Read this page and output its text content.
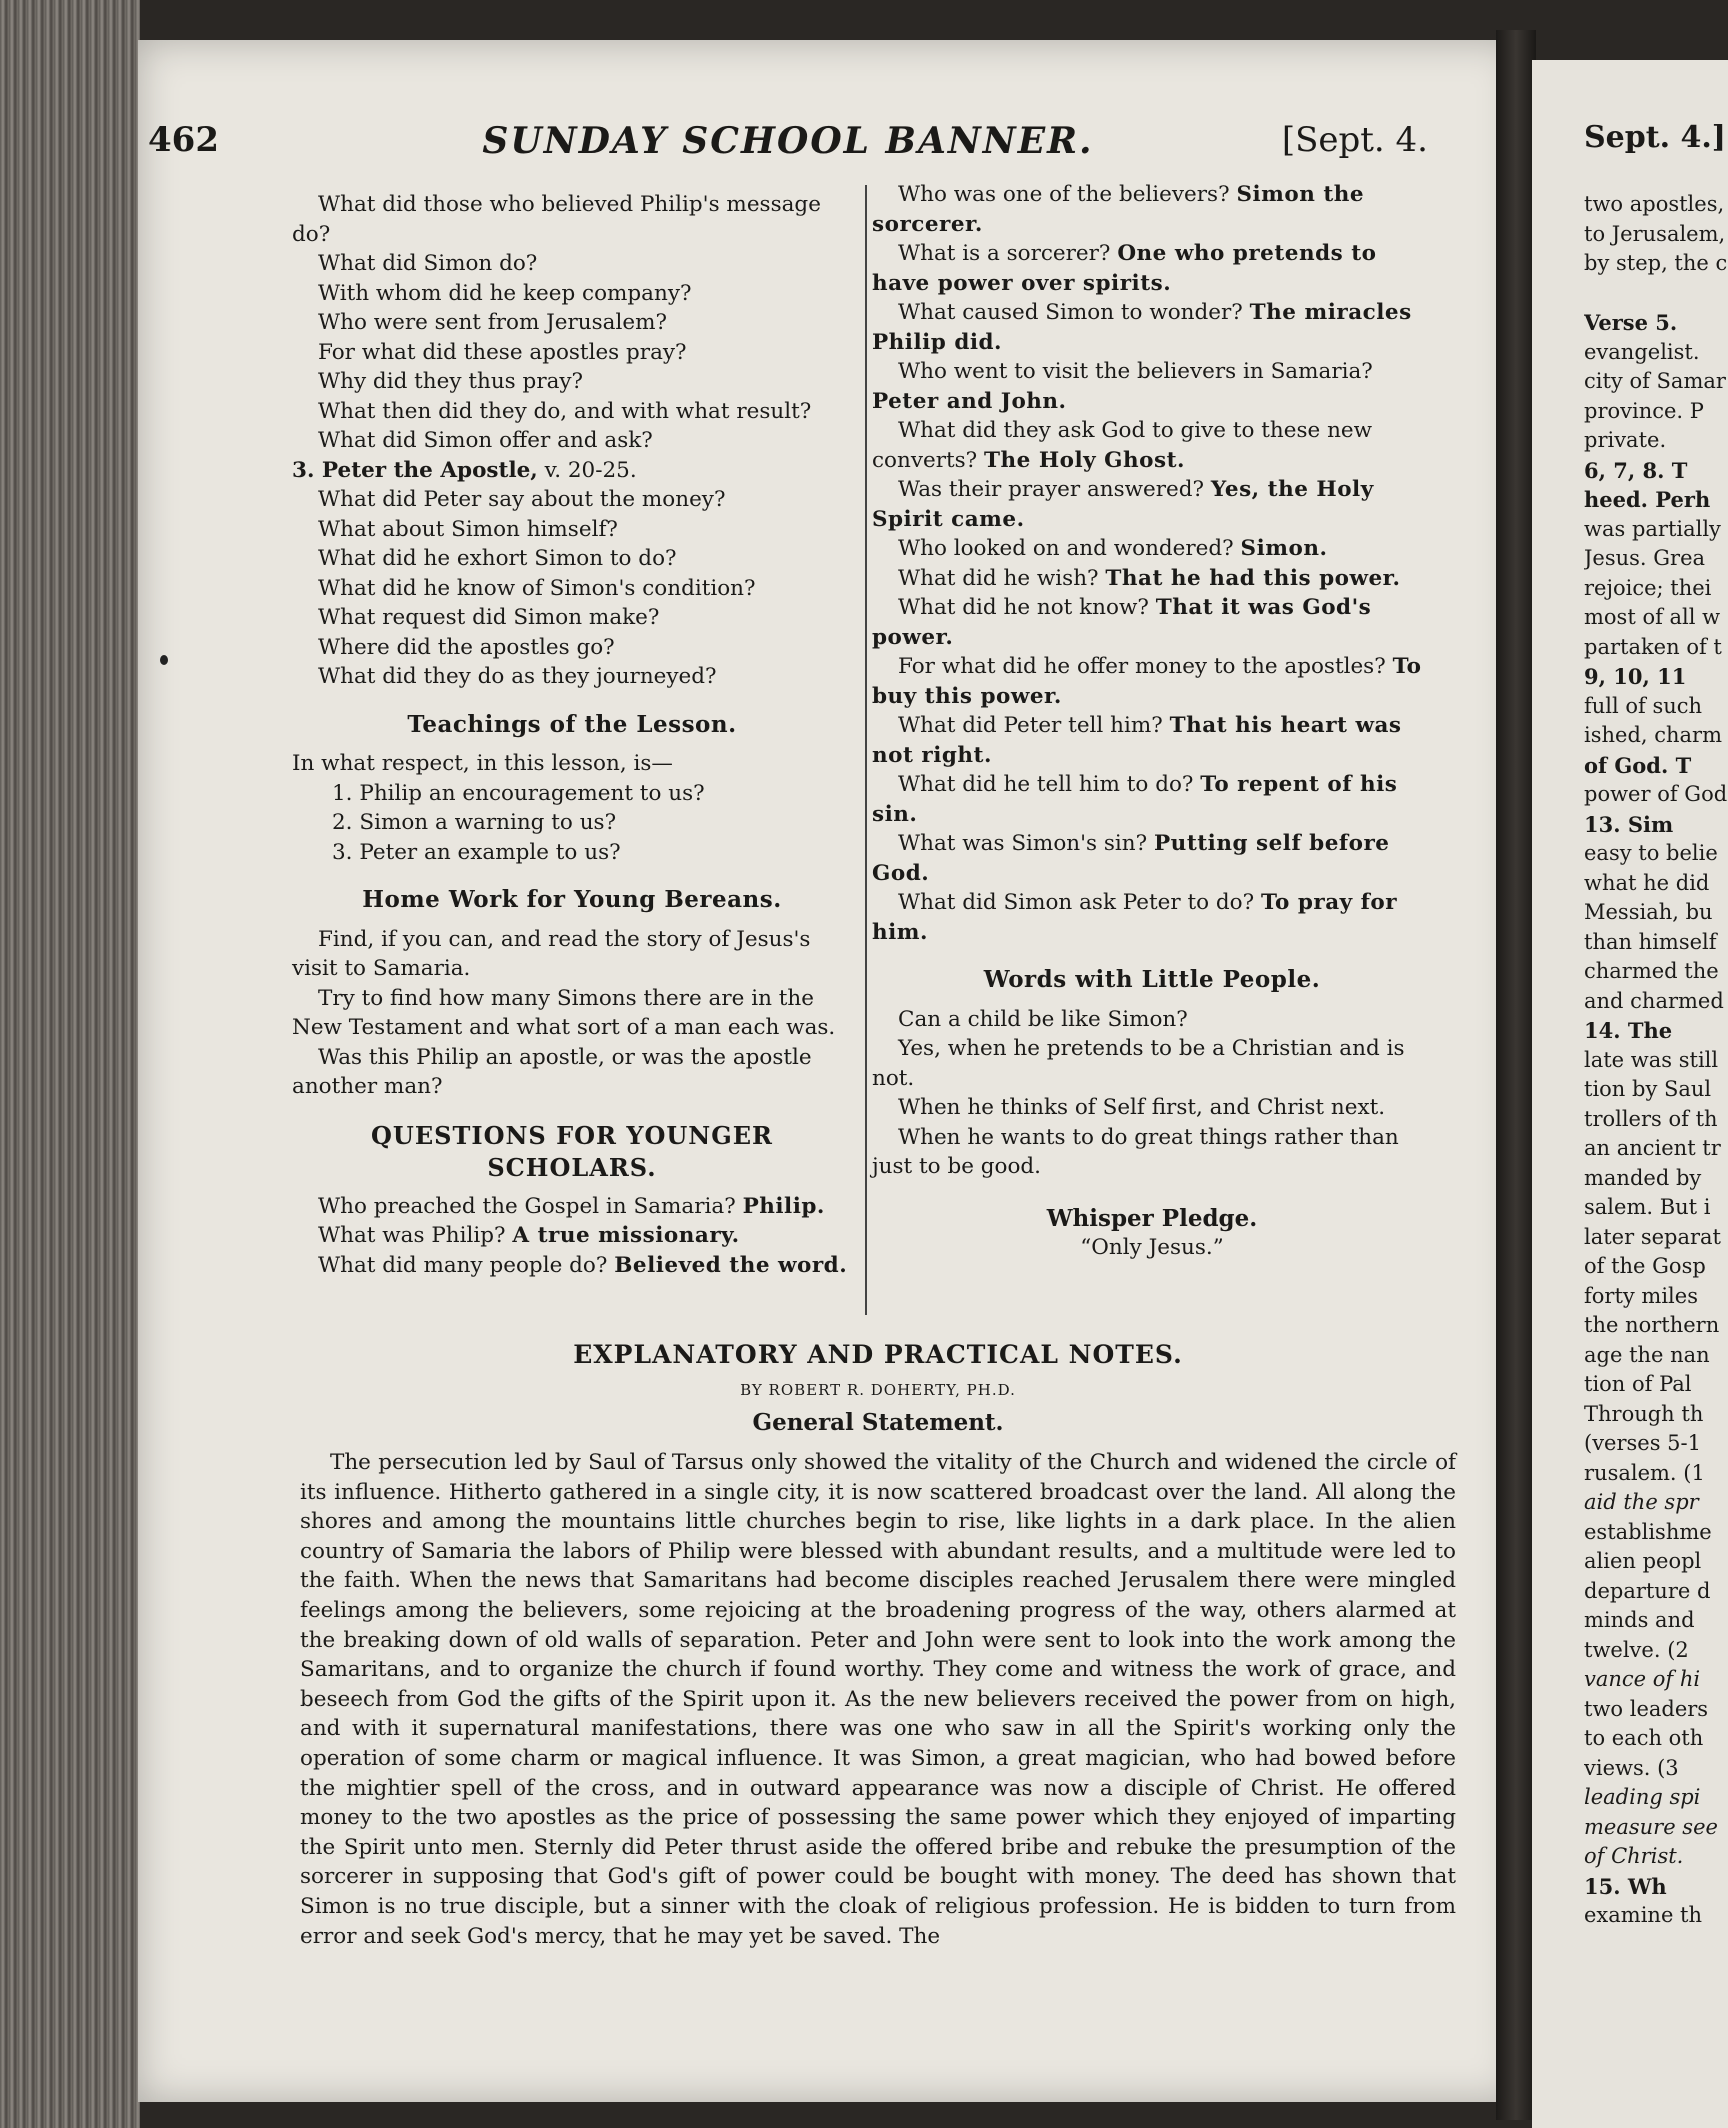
462	SUNDAY SCHOOL BANNER.	[Sept. 4.

What did those who believed Philip's message

do?

What did Simon do?

With whom did he keep company?

Who were sent from Jerusalem?

For what did these apostles pray?

Why did they thus pray?

What then did they do, and with what result?

What did Simon offer and ask?

3. Peter the Apostle, v. 20-25.

What did Peter say about the money?

What about Simon himself?

What did he exhort Simon to do?

What did he know of Simon's condition?

What request did Simon make?

Where did the apostles go?

What did they do as they journeyed?

Teachings of the Lesson.

In what respect, in this lesson, is—

1. Philip an encouragement to us?

2. Simon a warning to us?

3. Peter an example to us?

Home Work for Young Bereans.

Find, if you can, and read the story of Jesus's visit to Samaria.

Try to find how many Simons there are in the New Testament and what sort of a man each was.

Was this Philip an apostle, or was the apostle another man?

QUESTIONS FOR YOUNGER
SCHOLARS.

Who preached the Gospel in Samaria? Philip.

What was Philip? A true missionary.

What did many people do? Believed the word.

Who was one of the believers? Simon the sorcerer.

What is a sorcerer? One who pretends to have power over spirits.

What caused Simon to wonder? The miracles Philip did.

Who went to visit the believers in Samaria? Peter and John.

What did they ask God to give to these new converts? The Holy Ghost.

Was their prayer answered? Yes, the Holy Spirit came.

Who looked on and wondered? Simon.

What did he wish? That he had this power.

What did he not know? That it was God's power.

For what did he offer money to the apostles? To buy this power.

What did Peter tell him? That his heart was not right.

What did he tell him to do? To repent of his sin.

What was Simon's sin? Putting self before God.

What did Simon ask Peter to do? To pray for him.

Words with Little People.

Can a child be like Simon?

Yes, when he pretends to be a Christian and is not.

When he thinks of Self first, and Christ next.

When he wants to do great things rather than just to be good.

Whisper Pledge.
“Only Jesus.”
EXPLANATORY AND PRACTICAL NOTES.
BY ROBERT R. DOHERTY, PH.D.
General Statement.

The persecution led by Saul of Tarsus only showed the vitality of the Church and widened the circle of its influence. Hitherto gathered in a single city, it is now scattered broadcast over the land. All along the shores and among the mountains little churches begin to rise, like lights in a dark place. In the alien country of Samaria the labors of Philip were blessed with abundant results, and a multitude were led to the faith. When the news that Samaritans had become disciples reached Jerusalem there were mingled feelings among the believers, some rejoicing at the broadening progress of the way, others alarmed at the breaking down of old walls of separation. Peter and John were sent to look into the work among the Samaritans, and to organize the church if found worthy. They come and witness the work of grace, and beseech from God the gifts of the Spirit upon it. As the new believers received the power from on high, and with it supernatural manifestations, there was one who saw in all the Spirit's working only the operation of some charm or magical influence. It was Simon, a great magician, who had bowed before the mightier spell of the cross, and in outward appearance was now a disciple of Christ. He offered money to the two apostles as the price of possessing the same power which they enjoyed of imparting the Spirit unto men. Sternly did Peter thrust aside the offered bribe and rebuke the presumption of the sorcerer in supposing that God's gift of power could be bought with money. The deed has shown that Simon is no true disciple, but a sinner with the cloak of religious profession. He is bidden to turn from error and seek God's mercy, that he may yet be saved. The

Sept. 4.]
two apostles,
to Jerusalem,
by step, the c

Verse 5.
evangelist.
city of Samar
province. P
private.
6, 7, 8. T
heed. Perh
was partially
Jesus. Grea
rejoice; thei
most of all w
partaken of t
9, 10, 11
full of such
ished, charm
of God. T
power of God
13. Sim
easy to belie
what he did
Messiah, bu
than himself
charmed the
and charmed
14. The
late was still
tion by Saul
trollers of th
an ancient tr
manded by
salem. But i
later separat
of the Gosp
forty miles
the northern
age the nan
tion of Pal
Through th
(verses 5-1
rusalem. (1
aid the spr
establishme
alien peopl
departure d
minds and
twelve. (2
vance of hi
two leaders
to each oth
views. (3
leading spi
measure see
of Christ.
15. Wh
examine th
